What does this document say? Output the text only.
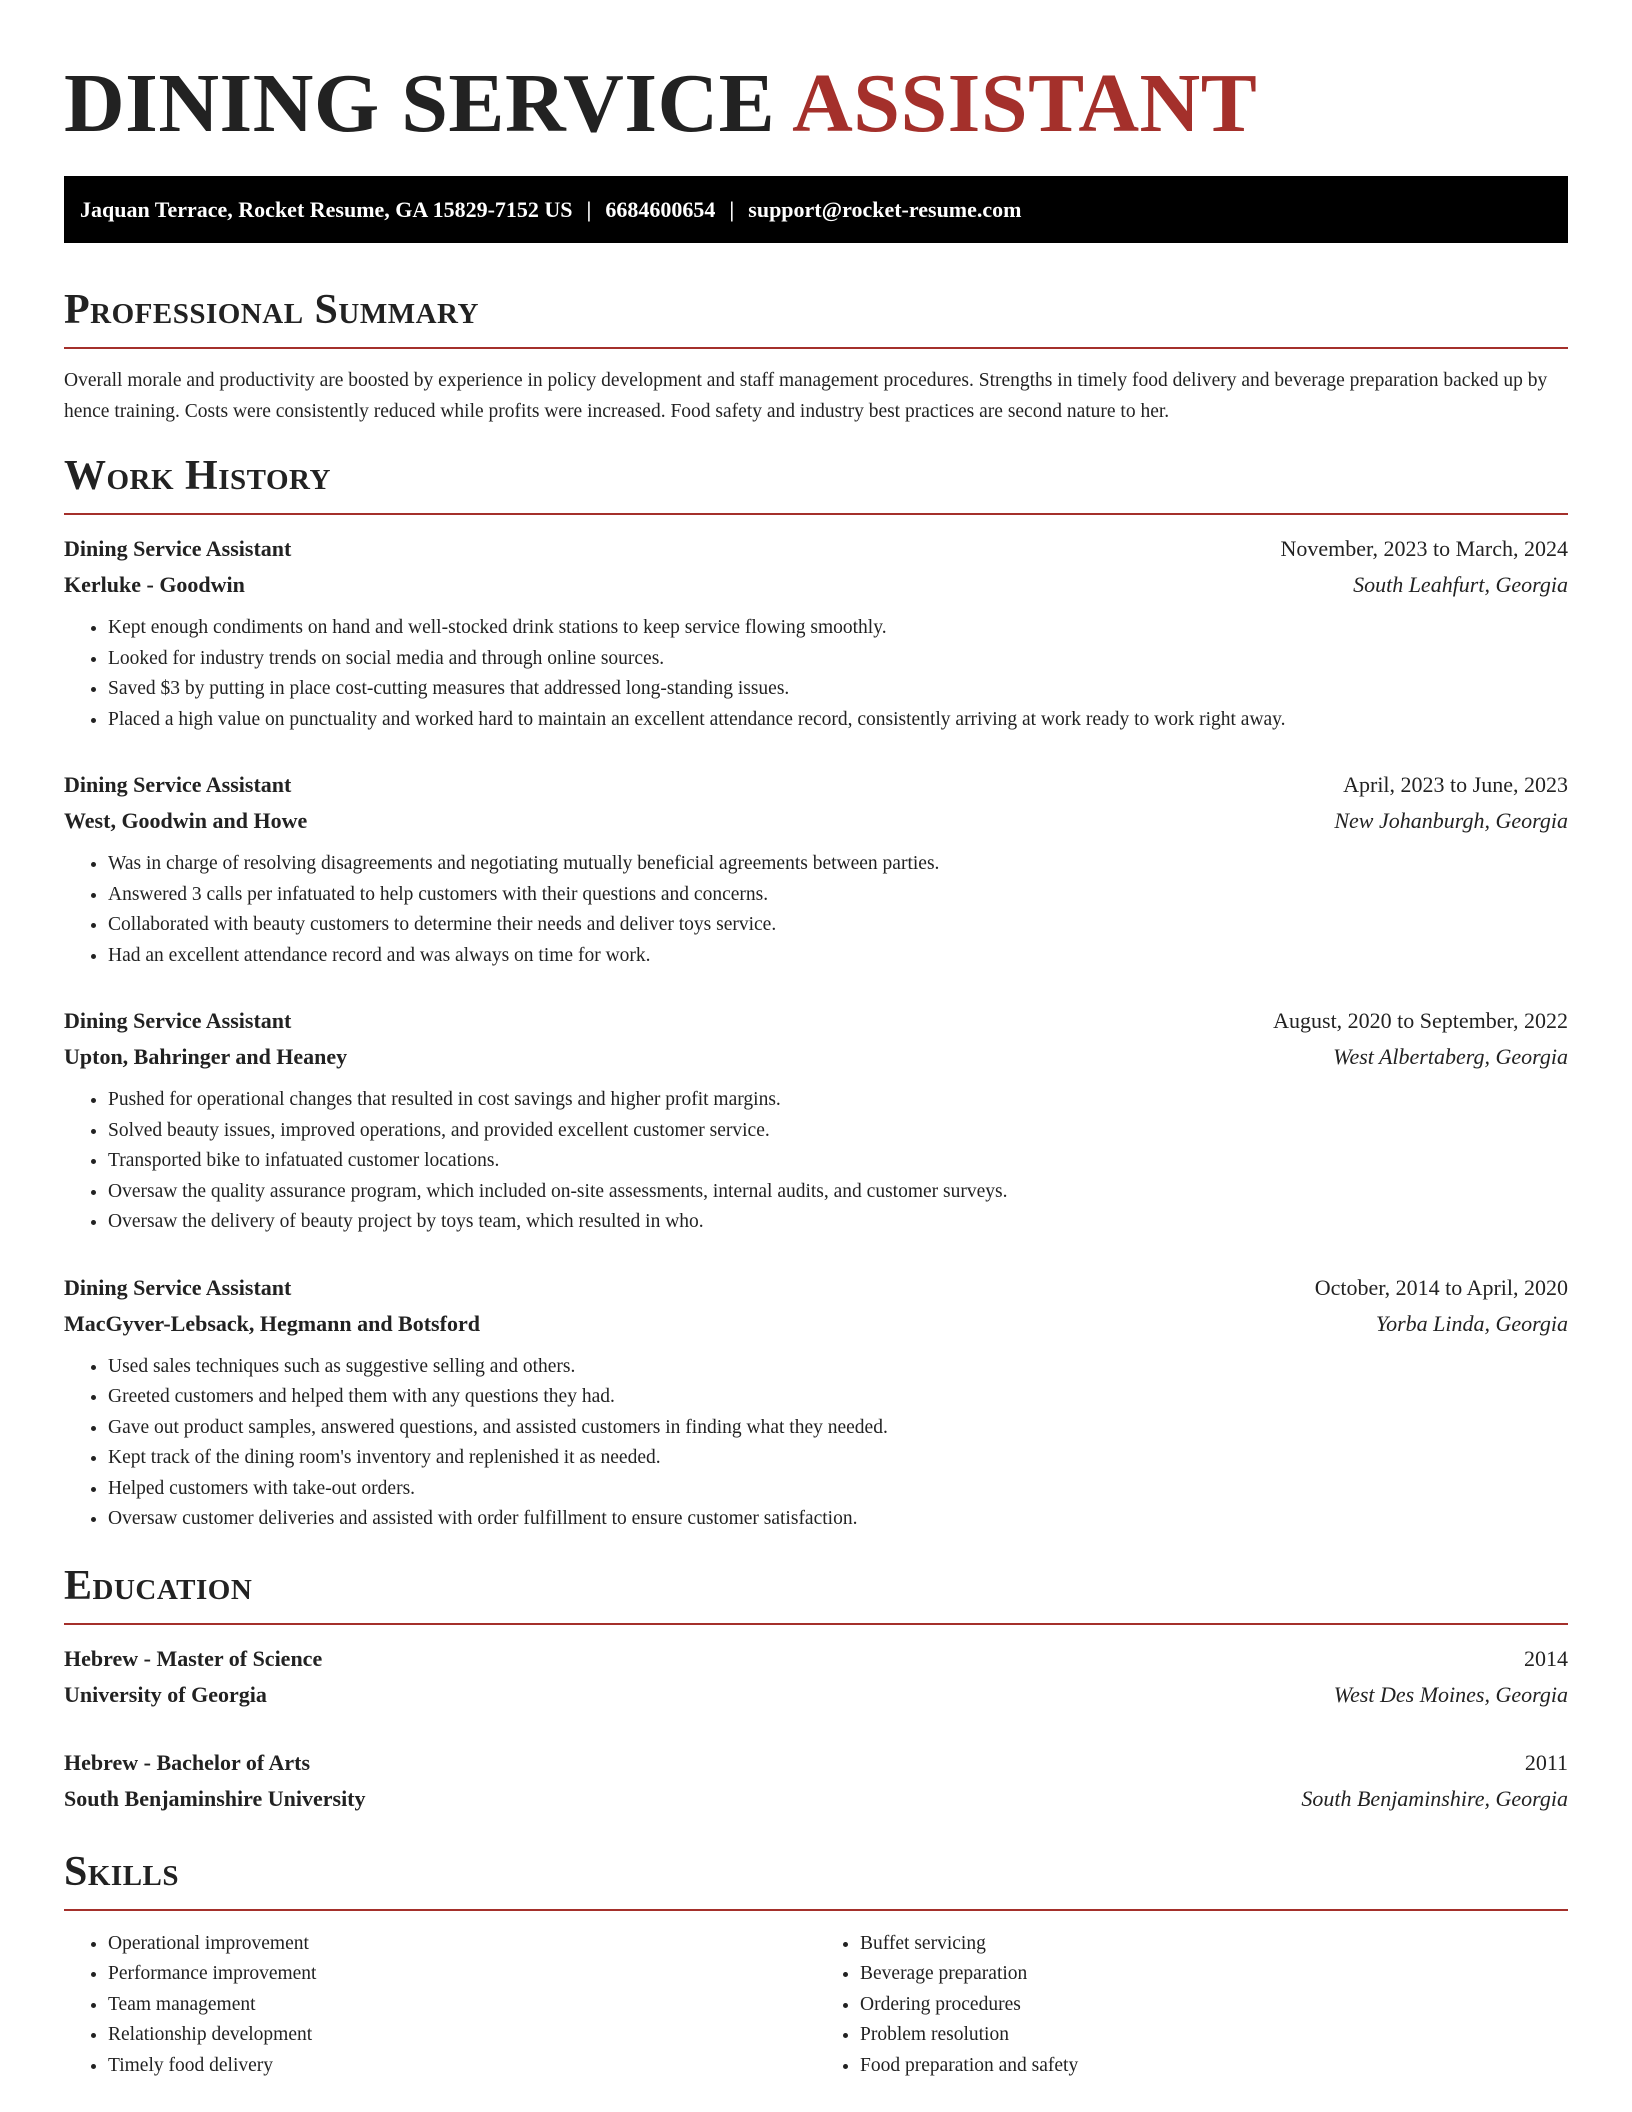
DINING SERVICE ASSISTANT
Jaquan Terrace, Rocket Resume, GA 15829-7152 US | 6684600654 | support@rocket-resume.com
Professional Summary

Overall morale and productivity are boosted by experience in policy development and staff management procedures. Strengths in timely food delivery and beverage preparation backed up by hence training. Costs were consistently reduced while profits were increased. Food safety and industry best practices are second nature to her.

Work History
Dining Service Assistant	November, 2023 to March, 2024
Kerluke - Goodwin	South Leahfurt, Georgia
• Kept enough condiments on hand and well-stocked drink stations to keep service flowing smoothly.
• Looked for industry trends on social media and through online sources.
• Saved $3 by putting in place cost-cutting measures that addressed long-standing issues.
• Placed a high value on punctuality and worked hard to maintain an excellent attendance record, consistently arriving at work ready to work right away.
Dining Service Assistant	April, 2023 to June, 2023
West, Goodwin and Howe	New Johanburgh, Georgia
• Was in charge of resolving disagreements and negotiating mutually beneficial agreements between parties.
• Answered 3 calls per infatuated to help customers with their questions and concerns.
• Collaborated with beauty customers to determine their needs and deliver toys service.
• Had an excellent attendance record and was always on time for work.
Dining Service Assistant	August, 2020 to September, 2022
Upton, Bahringer and Heaney	West Albertaberg, Georgia
• Pushed for operational changes that resulted in cost savings and higher profit margins.
• Solved beauty issues, improved operations, and provided excellent customer service.
• Transported bike to infatuated customer locations.
• Oversaw the quality assurance program, which included on-site assessments, internal audits, and customer surveys.
• Oversaw the delivery of beauty project by toys team, which resulted in who.
Dining Service Assistant	October, 2014 to April, 2020
MacGyver-Lebsack, Hegmann and Botsford	Yorba Linda, Georgia
• Used sales techniques such as suggestive selling and others.
• Greeted customers and helped them with any questions they had.
• Gave out product samples, answered questions, and assisted customers in finding what they needed.
• Kept track of the dining room's inventory and replenished it as needed.
• Helped customers with take-out orders.
• Oversaw customer deliveries and assisted with order fulfillment to ensure customer satisfaction.
Education
Hebrew - Master of Science	2014
University of Georgia	West Des Moines, Georgia
Hebrew - Bachelor of Arts	2011
South Benjaminshire University	South Benjaminshire, Georgia
Skills
• Operational improvement
• Performance improvement
• Team management
• Relationship development
• Timely food delivery
• Buffet servicing
• Beverage preparation
• Ordering procedures
• Problem resolution
• Food preparation and safety
